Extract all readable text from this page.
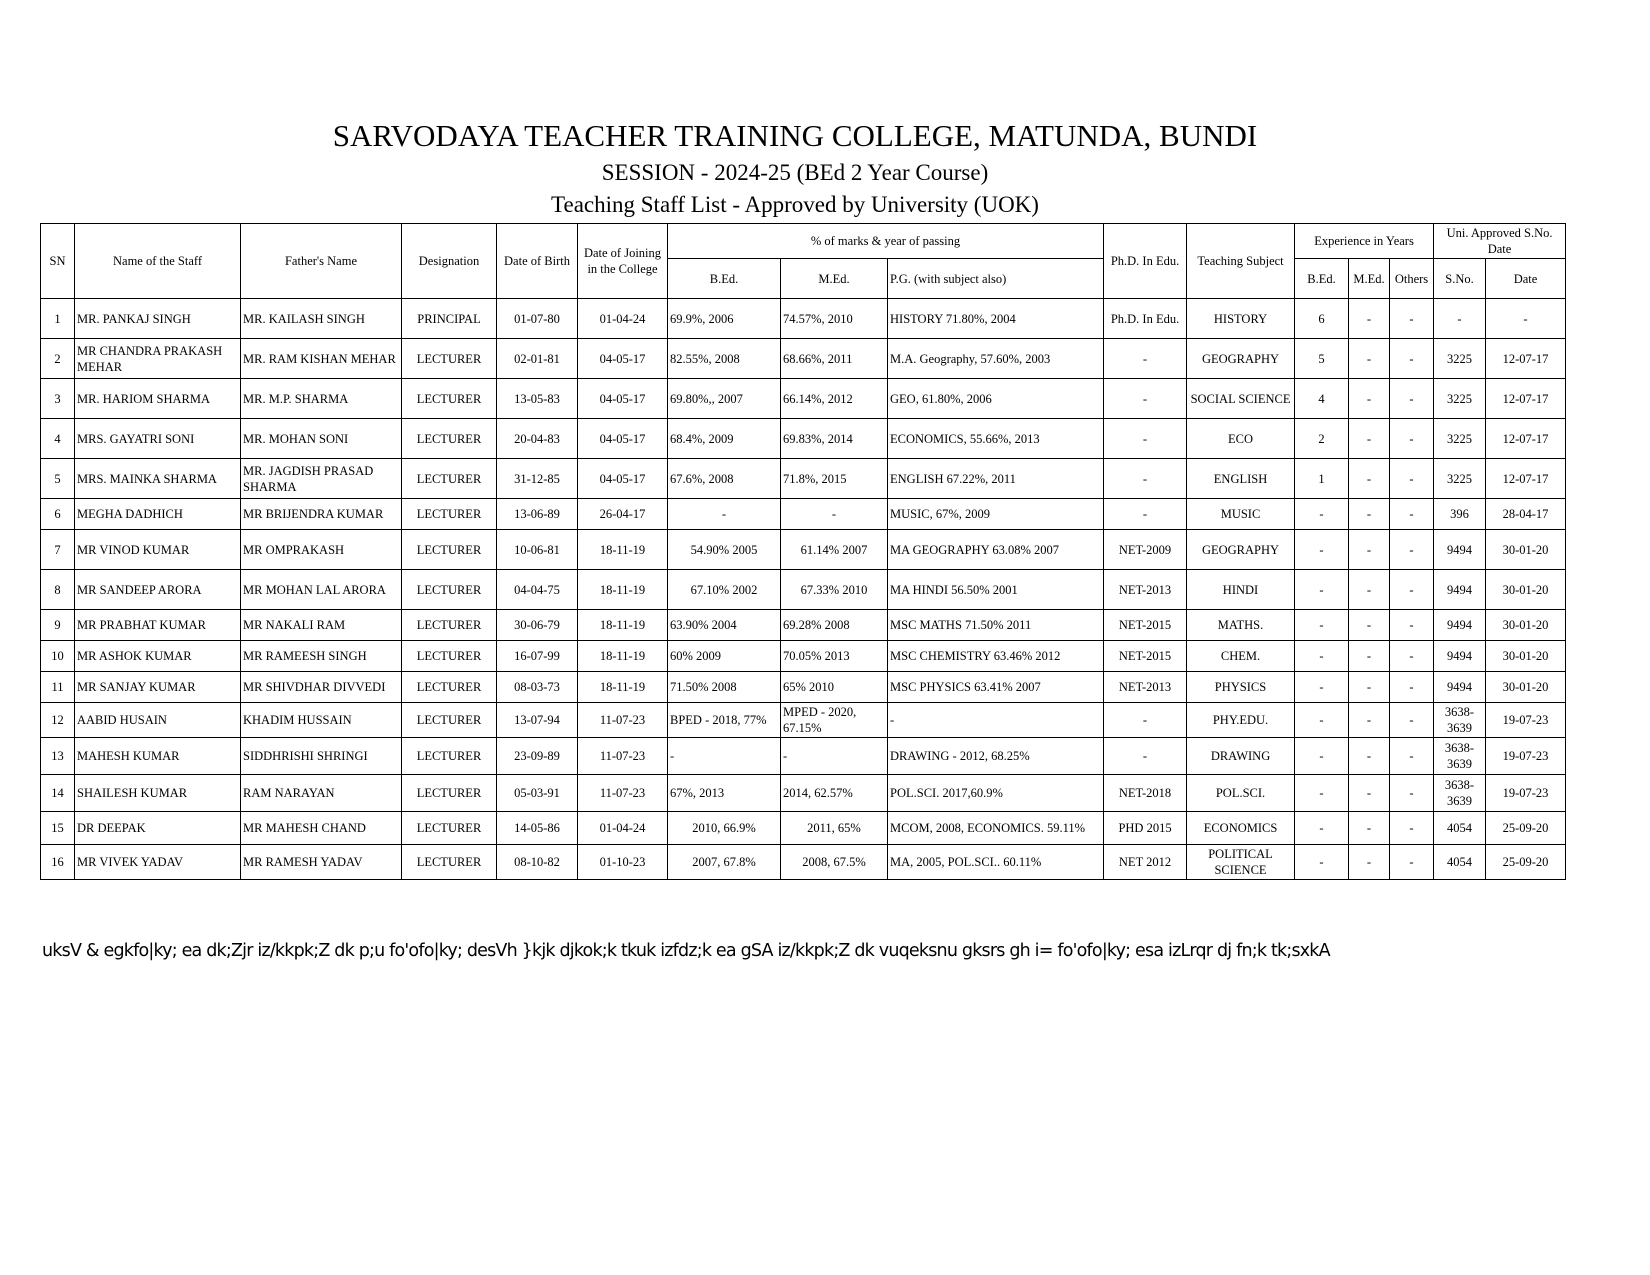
SARVODAYA TEACHER TRAINING COLLEGE, MATUNDA, BUNDI
SESSION - 2024-25 (BEd 2 Year Course)
Teaching Staff List - Approved by University (UOK)
SN	Name of the Staff	Father's Name	Designation	Date of Birth	Date of Joining in the College	% of marks & year of passing			Ph.D. In Edu.	Teaching Subject	Experience in Years			Uni. Approved S.No. Date	
						B.Ed.	M.Ed.	P.G. (with subject also)			B.Ed.	M.Ed.	Others	S.No.	Date
1	MR. PANKAJ SINGH	MR. KAILASH SINGH	PRINCIPAL	01-07-80	01-04-24	69.9%, 2006	74.57%, 2010	HISTORY 71.80%, 2004	Ph.D. In Edu.	HISTORY	6	-	-	-	-
2	MR CHANDRA PRAKASH MEHAR	MR. RAM KISHAN MEHAR	LECTURER	02-01-81	04-05-17	82.55%, 2008	68.66%, 2011	M.A. Geography, 57.60%, 2003	-	GEOGRAPHY	5	-	-	3225	12-07-17
3	MR. HARIOM SHARMA	MR. M.P. SHARMA	LECTURER	13-05-83	04-05-17	69.80%,, 2007	66.14%, 2012	GEO, 61.80%, 2006	-	SOCIAL SCIENCE	4	-	-	3225	12-07-17
4	MRS. GAYATRI SONI	MR. MOHAN SONI	LECTURER	20-04-83	04-05-17	68.4%, 2009	69.83%, 2014	ECONOMICS, 55.66%, 2013	-	ECO	2	-	-	3225	12-07-17
5	MRS. MAINKA SHARMA	MR. JAGDISH PRASAD SHARMA	LECTURER	31-12-85	04-05-17	67.6%, 2008	71.8%, 2015	ENGLISH 67.22%, 2011	-	ENGLISH	1	-	-	3225	12-07-17
6	MEGHA DADHICH	MR BRIJENDRA KUMAR	LECTURER	13-06-89	26-04-17	-	-	MUSIC, 67%, 2009	-	MUSIC	-	-	-	396	28-04-17
7	MR VINOD KUMAR	MR OMPRAKASH	LECTURER	10-06-81	18-11-19	54.90% 2005	61.14% 2007	MA GEOGRAPHY 63.08% 2007	NET-2009	GEOGRAPHY	-	-	-	9494	30-01-20
8	MR SANDEEP ARORA	MR MOHAN LAL ARORA	LECTURER	04-04-75	18-11-19	67.10% 2002	67.33% 2010	MA HINDI 56.50% 2001	NET-2013	HINDI	-	-	-	9494	30-01-20
9	MR PRABHAT KUMAR	MR NAKALI RAM	LECTURER	30-06-79	18-11-19	63.90% 2004	69.28% 2008	MSC MATHS 71.50% 2011	NET-2015	MATHS.	-	-	-	9494	30-01-20
10	MR ASHOK KUMAR	MR RAMEESH SINGH	LECTURER	16-07-99	18-11-19	60% 2009	70.05% 2013	MSC CHEMISTRY 63.46% 2012	NET-2015	CHEM.	-	-	-	9494	30-01-20
11	MR SANJAY KUMAR	MR SHIVDHAR DIVVEDI	LECTURER	08-03-73	18-11-19	71.50% 2008	65% 2010	MSC PHYSICS 63.41% 2007	NET-2013	PHYSICS	-	-	-	9494	30-01-20
12	AABID HUSAIN	KHADIM HUSSAIN	LECTURER	13-07-94	11-07-23	BPED - 2018, 77%	MPED - 2020, 67.15%	-	-	PHY.EDU.	-	-	-	3638-3639	19-07-23
13	MAHESH KUMAR	SIDDHRISHI SHRINGI	LECTURER	23-09-89	11-07-23	-	-	DRAWING - 2012, 68.25%	-	DRAWING	-	-	-	3638-3639	19-07-23
14	SHAILESH KUMAR	RAM NARAYAN	LECTURER	05-03-91	11-07-23	67%, 2013	2014, 62.57%	POL.SCI. 2017,60.9%	NET-2018	POL.SCI.	-	-	-	3638-3639	19-07-23
15	DR DEEPAK	MR MAHESH CHAND	LECTURER	14-05-86	01-04-24	2010, 66.9%	2011, 65%	MCOM, 2008, ECONOMICS. 59.11%	PHD 2015	ECONOMICS	-	-	-	4054	25-09-20
16	MR VIVEK YADAV	MR RAMESH YADAV	LECTURER	08-10-82	01-10-23	2007, 67.8%	2008, 67.5%	MA, 2005, POL.SCI.. 60.11%	NET 2012	POLITICAL SCIENCE	-	-	-	4054	25-09-20
uksV & egkfo|ky; ea dk;Zjr iz/kkpk;Z dk p;u fo'ofo|ky; desVh }kjk djkok;k tkuk izfdz;k ea gSA iz/kkpk;Z dk vuqeksnu gksrs gh i= fo'ofo|ky; esa izLrqr dj fn;k tk;sxkA
